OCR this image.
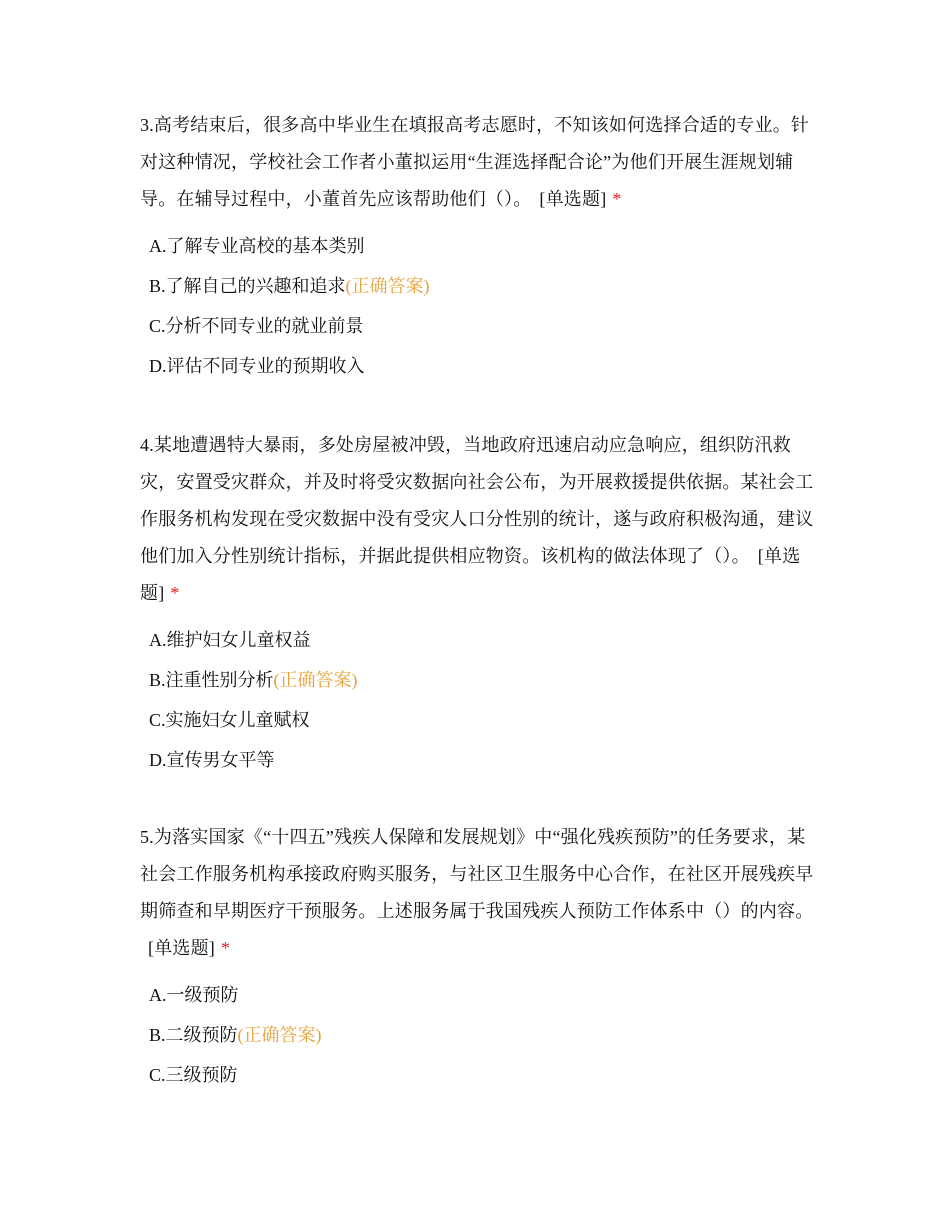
3.高考结束后，很多高中毕业生在填报高考志愿时，不知该如何选择合适的专业。针对这种情况，学校社会工作者小董拟运用“生涯选择配合论”为他们开展生涯规划辅导。在辅导过程中，小董首先应该帮助他们（）。 [单选题] *

A.了解专业高校的基本类别
B.了解自己的兴趣和追求(正确答案)
C.分析不同专业的就业前景
D.评估不同专业的预期收入

4.某地遭遇特大暴雨，多处房屋被冲毁，当地政府迅速启动应急响应，组织防汛救灾，安置受灾群众，并及时将受灾数据向社会公布，为开展救援提供依据。某社会工作服务机构发现在受灾数据中没有受灾人口分性别的统计，遂与政府积极沟通，建议他们加入分性别统计指标，并据此提供相应物资。该机构的做法体现了（）。 [单选题] *

A.维护妇女儿童权益
B.注重性别分析(正确答案)
C.实施妇女儿童赋权
D.宣传男女平等

5.为落实国家《“十四五”残疾人保障和发展规划》中“强化残疾预防”的任务要求，某社会工作服务机构承接政府购买服务，与社区卫生服务中心合作，在社区开展残疾早期筛查和早期医疗干预服务。上述服务属于我国残疾人预防工作体系中（）的内容。[单选题] *

A.一级预防
B.二级预防(正确答案)
C.三级预防
